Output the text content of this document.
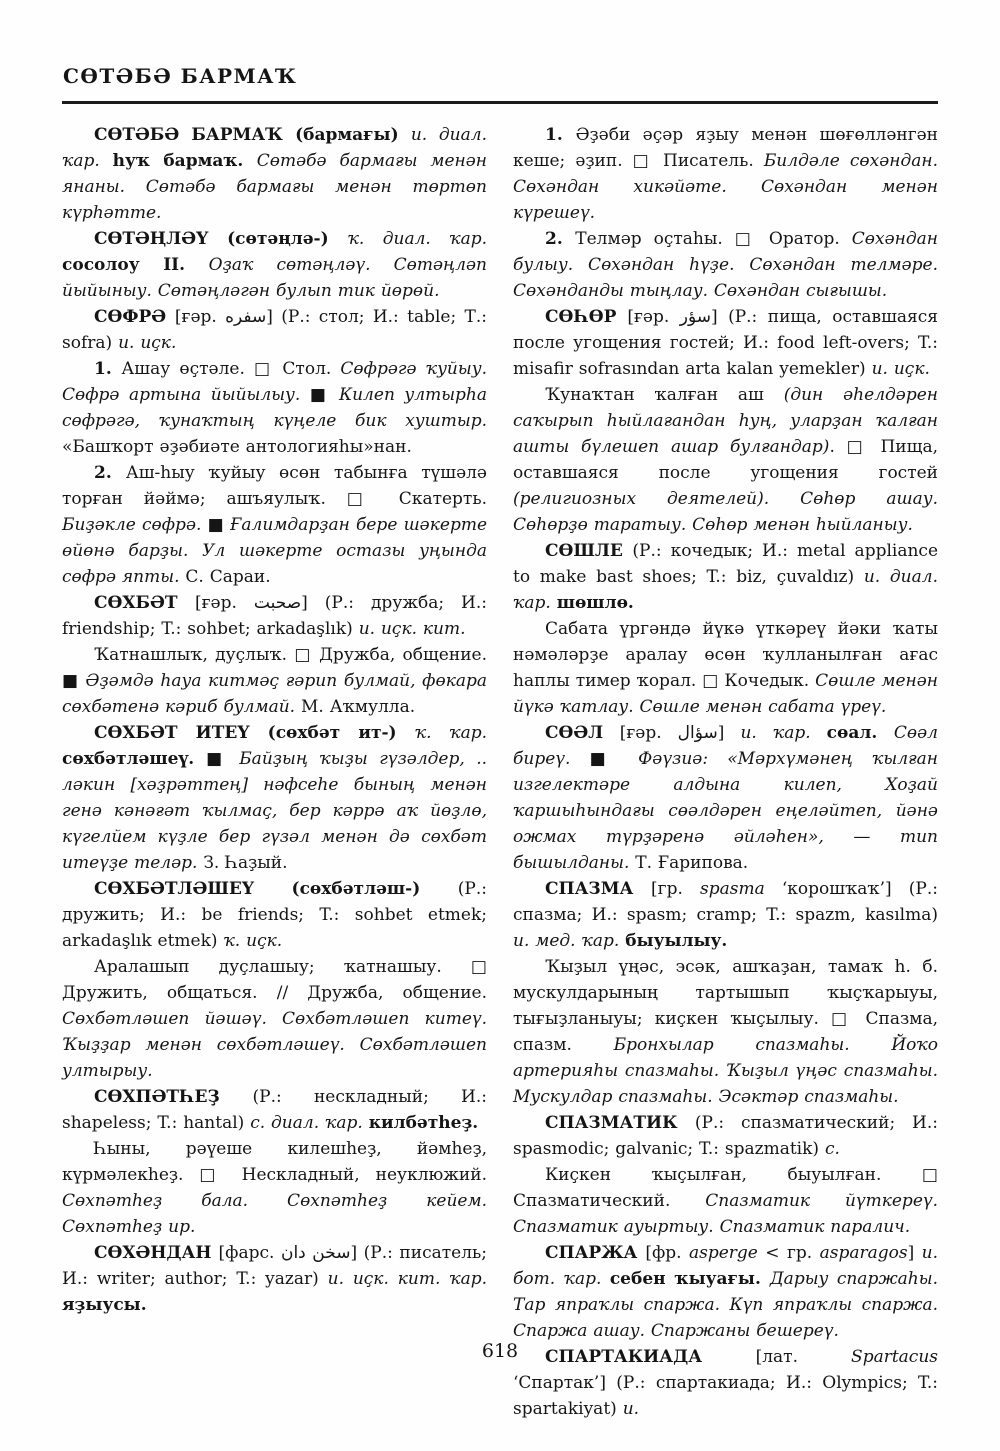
СӨТӘБӘ БАРМАҠ

СӨТӘБӘ БАРМАҠ (бармағы) и. диал. ҡар. һуҡ бармаҡ. Сөтәбә бармағы менән янаны. Сөтәбә бармағы менән төртөп күрһәтте.

СӨТӘҢЛӘҮ (сөтәңлә-) ҡ. диал. ҡар. сосолоу II. Оҙаҡ сөтәңләү. Сөтәңләп йыйыныу. Сөтәңләгән булып тик йөрөй.

СӨФРӘ [ғәр. سفره] (Р.: стол; И.: table; Т.: sofra) и. иҫк.

1. Ашау өҫтәле. □ Стол. Сөфрәгә ҡуйыу. Сөфрә артына йыйылыу. ■ Килеп ултырһа сөфрәгә, ҡунаҡтың күңеле бик хуштыр. «Башҡорт әҙәбиәте антологияһы»нан.

2. Аш-һыу ҡуйыу өсөн табынға түшәлә торған йәймә; ашъяулыҡ. □ Скатерть. Биҙәкле сөфрә. ■ Ғалимдарҙан бере шәкерте өйөнә барҙы. Ул шәкерте остазы уңында сөфрә япты. С. Сараи.

СӨХБӘТ [ғәр. صحبت] (Р.: дружба; И.: friendship; T.: sohbet; arkadaşlık) и. иҫк. кит.

Ҡатнашлыҡ, дуҫлыҡ. □ Дружба, общение. ■ Әҙәмдә һауа китмәҫ ғәрип булмай, фөкара сөхбәтенә кәриб булмай. М. Аҡмулла.

СӨХБӘТ ИТЕҮ (сөхбәт ит-) ҡ. ҡар. сөхбәтләшеү. ■ Байҙың ҡыҙы гүзәлдер, .. ләкин [хәҙрәттең] нәфсеһе бының менән генә кәнәғәт ҡылмаҫ, бер кәррә аҡ йөҙлө, күгелйем күҙле бер гүзәл менән дә сөхбәт итеүҙе теләр. З. Һаҙый.

СӨХБӘТЛӘШЕҮ (сөхбәтләш-) (Р.: дружить; И.: be friends; T.: sohbet etmek; arkadaşlık etmek) ҡ. иҫк.

Аралашып дуҫлашыу; ҡатнашыу. □ Дружить, общаться. // Дружба, общение. Сөхбәтләшеп йәшәү. Сөхбәтләшеп китеү. Ҡыҙҙар менән сөхбәтләшеү. Сөхбәтләшеп ултырыу.

СӨХПӘТҺЕҘ (Р.: нескладный; И.: shapeless; T.: hantal) с. диал. ҡар. килбәтһеҙ.

Һыны, рәүеше килешһеҙ, йәмһеҙ, күрмәлекһеҙ. □ Нескладный, неуклюжий. Сөхпәтһеҙ бала. Сөхпәтһеҙ кейем. Сөхпәтһеҙ ир.

СӨХӘНДАН [фарс. سخن دان] (Р.: писатель; И.: writer; author; T.: yazar) и. иҫк. кит. ҡар. яҙыусы.

1. Әҙәби әҫәр яҙыу менән шөғөлләнгән кеше; әҙип. □ Писатель. Билдәле сөхәндан. Сөхәндан хикәйәте. Сөхәндан менән күрешеү.

2. Телмәр оҫтаһы. □ Оратор. Сөхәндан булыу. Сөхәндан һүҙе. Сөхәндан телмәре. Сөхәнданды тыңлау. Сөхәндан сығышы.

СӨҺӨР [ғәр. سؤر] (Р.: пища, оставшаяся после угощения гостей; И.: food left-overs; T.: misafir sofrasından arta kalan yemekler) и. иҫк.

Ҡунаҡтан ҡалған аш (дин әһелдәрен саҡырып һыйлағандан һуң, уларҙан ҡалған ашты бүлешеп ашар булғандар). □ Пища, оставшаяся после угощения гостей (религиозных деятелей). Сөһөр ашау. Сөһөрҙө таратыу. Сөһөр менән һыйланыу.

СӨШЛЕ (Р.: кочедык; И.: metal appliance to make bast shoes; T.: biz, çuvaldız) и. диал. ҡар. шөшлө.

Сабата үргәндә йүкә үткәреү йәки ҡаты нәмәләрҙе аралау өсөн ҡулланылған ағас һаплы тимер ҡорал. □ Кочедык. Сөшле менән йүкә ҡатлау. Сөшле менән сабата үреү.

СӨӘЛ [ғәр. سؤال] и. ҡар. сөал. Сөәл биреү. ■ Фәүзиә: «Мәрхүмәнең ҡылған изгелектәре алдына килеп, Хоҙай ҡаршыһындағы сөәлдәрен еңеләйтеп, йәнә ожмах түрҙәренә әйләһен», — тип бышылданы. Т. Ғарипова.

СПАЗМА [гр. spasma ‘корошҡаҡ’] (Р.: спазма; И.: spasm; cramp; T.: spazm, kasılma) и. мед. ҡар. быуылыу.

Ҡыҙыл үңәс, эсәк, ашҡаҙан, тамаҡ һ. б. мускулдарының тартышып ҡыҫҡарыуы, тығыҙланыуы; киҫкен ҡыҫылыу. □ Спазма, спазм. Бронхылар спазмаһы. Йоҡо артерияһы спазмаһы. Ҡыҙыл үңәс спазмаһы. Мускулдар спазмаһы. Эсәктәр спазмаһы.

СПАЗМАТИК (Р.: спазматический; И.: spasmodic; galvanic; T.: spazmatik) с.

Киҫкен ҡыҫылған, быуылған. □ Спазматический. Спазматик йүткереү. Спазматик ауыртыу. Спазматик паралич.

СПАРЖА [фр. asperge < гр. asparagos] и. бот. ҡар. себен ҡыуағы. Дарыу спаржаһы. Тар япраҡлы спаржа. Күп япраҡлы спаржа. Спаржа ашау. Спаржаны бешереү.

СПАРТАКИАДА [лат. Spartacus ‘Спартак’] (Р.: спартакиада; И.: Olympics; T.: spartakiyat) и.

618
